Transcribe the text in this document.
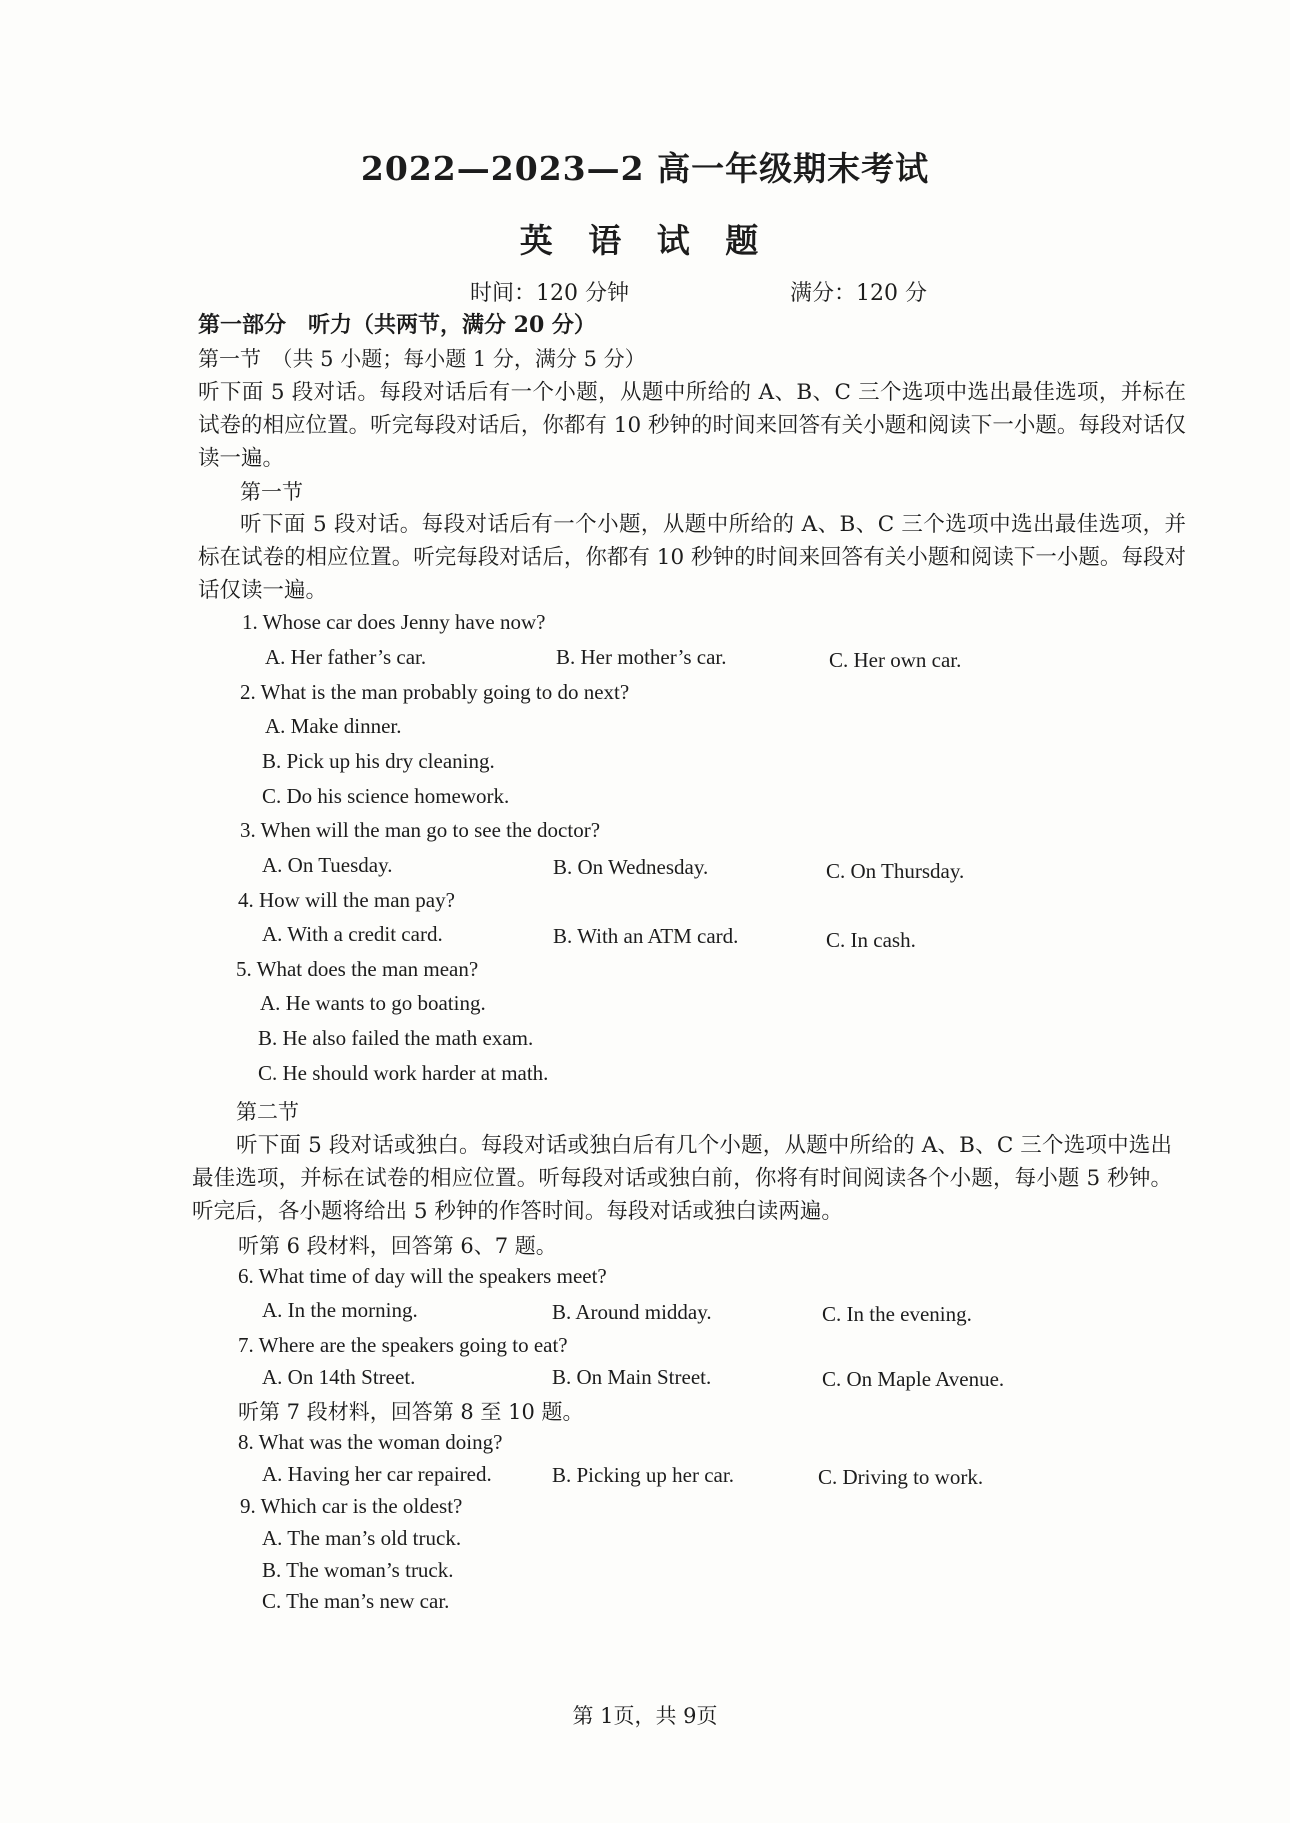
2022—2023—2 高一年级期末考试
英 语 试 题
时间：120 分钟	满分：120 分
第一部分　听力（共两节，满分 20 分）
第一节　（共 5 小题；每小题 1 分，满分 5 分）
听下面 5 段对话。每段对话后有一个小题，从题中所给的 A、B、C 三个选项中选出最佳选项，并标在试卷的相应位置。听完每段对话后，你都有 10 秒钟的时间来回答有关小题和阅读下一小题。每段对话仅读一遍。
第一节
听下面 5 段对话。每段对话后有一个小题，从题中所给的 A、B、C 三个选项中选出最佳选项，并标在试卷的相应位置。听完每段对话后，你都有 10 秒钟的时间来回答有关小题和阅读下一小题。每段对话仅读一遍。
1. Whose car does Jenny have now?
A. Her father’s car.	B. Her mother’s car.	C. Her own car.
2. What is the man probably going to do next?
A. Make dinner.
B. Pick up his dry cleaning.
C. Do his science homework.
3. When will the man go to see the doctor?
A. On Tuesday.	B. On Wednesday.	C. On Thursday.
4. How will the man pay?
A. With a credit card.	B. With an ATM card.	C. In cash.
5. What does the man mean?
A. He wants to go boating.
B. He also failed the math exam.
C. He should work harder at math.
第二节
听下面 5 段对话或独白。每段对话或独白后有几个小题，从题中所给的 A、B、C 三个选项中选出最佳选项，并标在试卷的相应位置。听每段对话或独白前，你将有时间阅读各个小题，每小题 5 秒钟。听完后，各小题将给出 5 秒钟的作答时间。每段对话或独白读两遍。
听第 6 段材料，回答第 6、7 题。
6. What time of day will the speakers meet?
A. In the morning.	B. Around midday.	C. In the evening.
7. Where are the speakers going to eat?
A. On 14th Street.	B. On Main Street.	C. On Maple Avenue.
听第 7 段材料，回答第 8 至 10 题。
8. What was the woman doing?
A. Having her car repaired.	B. Picking up her car.	C. Driving to work.
9. Which car is the oldest?
A. The man’s old truck.
B. The woman’s truck.
C. The man’s new car.
第 1页，共 9页
